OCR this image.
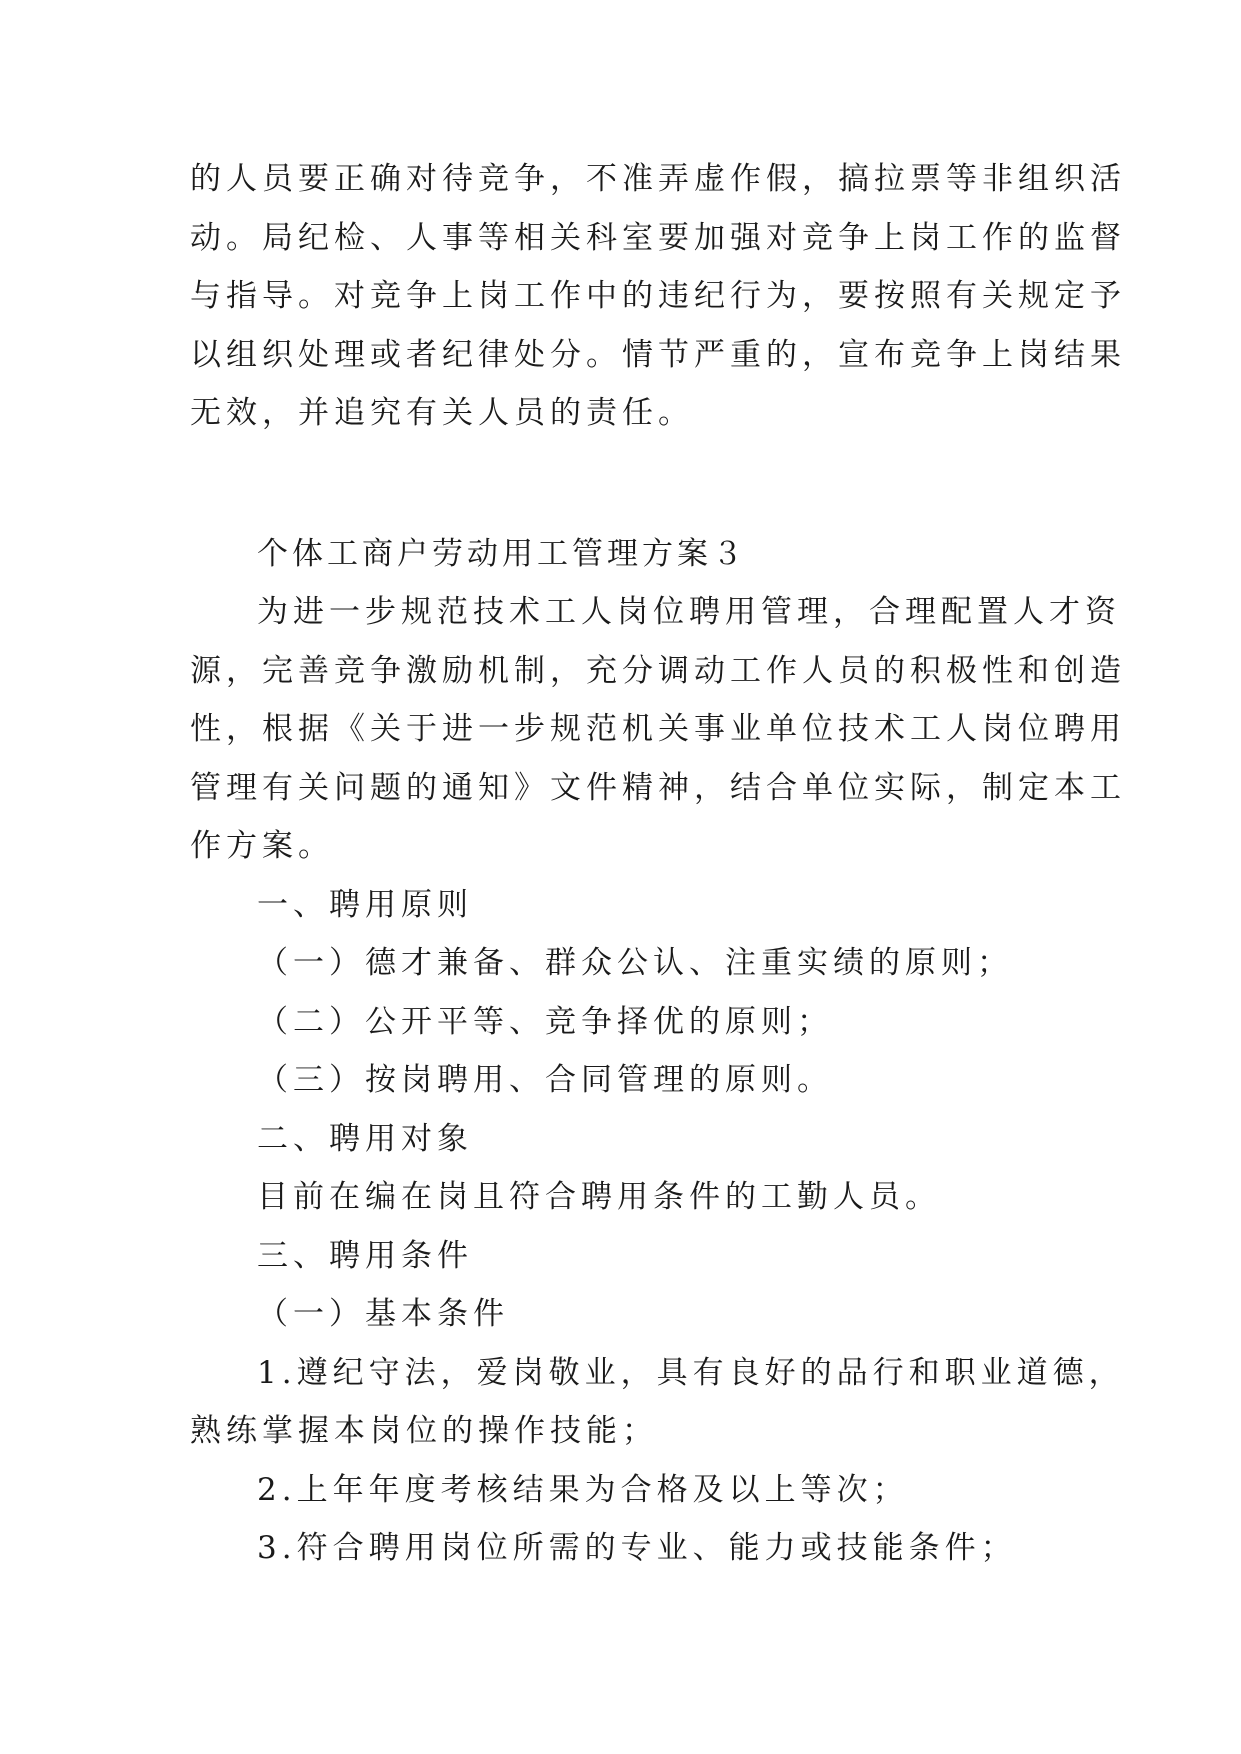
的人员要正确对待竞争，不准弄虚作假，搞拉票等非组织活
动。局纪检、人事等相关科室要加强对竞争上岗工作的监督
与指导。对竞争上岗工作中的违纪行为，要按照有关规定予
以组织处理或者纪律处分。情节严重的，宣布竞争上岗结果
无效，并追究有关人员的责任。
个体工商户劳动用工管理方案３
为进一步规范技术工人岗位聘用管理，合理配置人才资
源，完善竞争激励机制，充分调动工作人员的积极性和创造
性，根据《关于进一步规范机关事业单位技术工人岗位聘用
管理有关问题的通知》文件精神，结合单位实际，制定本工
作方案。
一、聘用原则
（一）德才兼备、群众公认、注重实绩的原则；
（二）公开平等、竞争择优的原则；
（三）按岗聘用、合同管理的原则。
二、聘用对象
目前在编在岗且符合聘用条件的工勤人员。
三、聘用条件
（一）基本条件
1.遵纪守法，爱岗敬业，具有良好的品行和职业道德，
熟练掌握本岗位的操作技能；
2.上年年度考核结果为合格及以上等次；
3.符合聘用岗位所需的专业、能力或技能条件；
